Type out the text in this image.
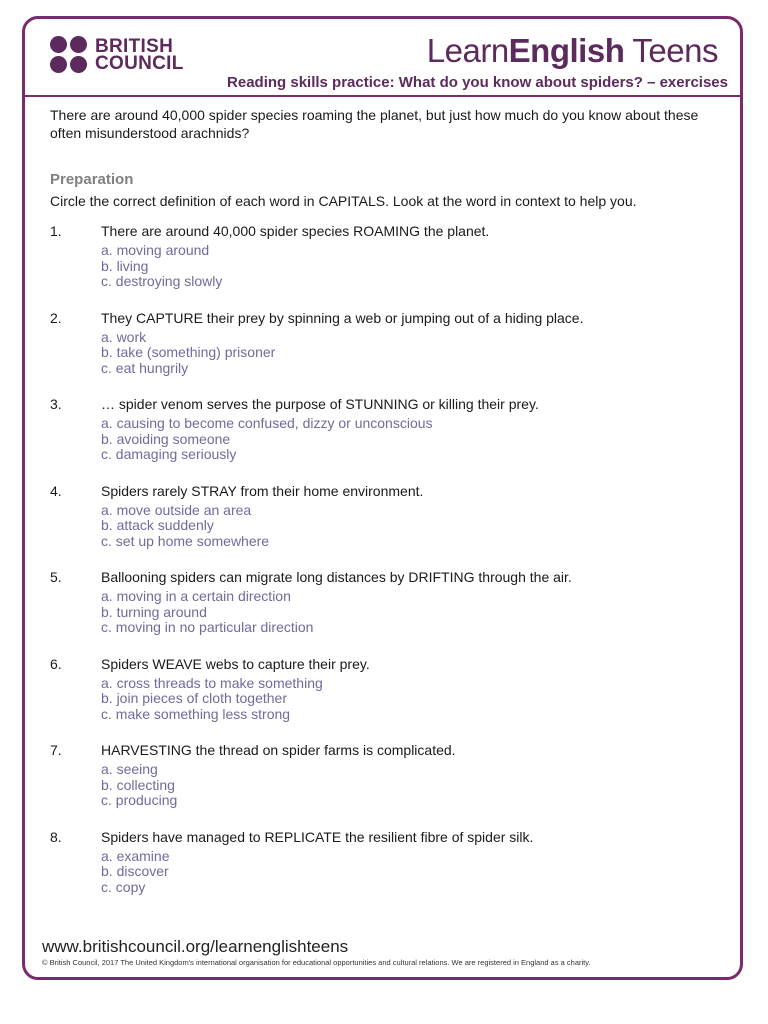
BRITISH
COUNCIL	LearnEnglish Teens
Reading skills practice: What do you know about spiders? – exercises

There are around 40,000 spider species roaming the planet, but just how much do you know about these often misunderstood arachnids?

Preparation

Circle the correct definition of each word in CAPITALS. Look at the word in context to help you.

1.	There are around 40,000 spider species ROAMING the planet.
a. moving around
b. living
c. destroying slowly
2.	They CAPTURE their prey by spinning a web or jumping out of a hiding place.
a. work
b. take (something) prisoner
c. eat hungrily
3.	… spider venom serves the purpose of STUNNING or killing their prey.
a. causing to become confused, dizzy or unconscious
b. avoiding someone
c. damaging seriously
4.	Spiders rarely STRAY from their home environment.
a. move outside an area
b. attack suddenly
c. set up home somewhere
5.	Ballooning spiders can migrate long distances by DRIFTING through the air.
a. moving in a certain direction
b. turning around
c. moving in no particular direction
6.	Spiders WEAVE webs to capture their prey.
a. cross threads to make something
b. join pieces of cloth together
c. make something less strong
7.	HARVESTING the thread on spider farms is complicated.
a. seeing
b. collecting
c. producing
8.	Spiders have managed to REPLICATE the resilient fibre of spider silk.
a. examine
b. discover
c. copy
www.britishcouncil.org/learnenglishteens
© British Council, 2017 The United Kingdom's international organisation for educational opportunities and cultural relations. We are registered in England as a charity.
